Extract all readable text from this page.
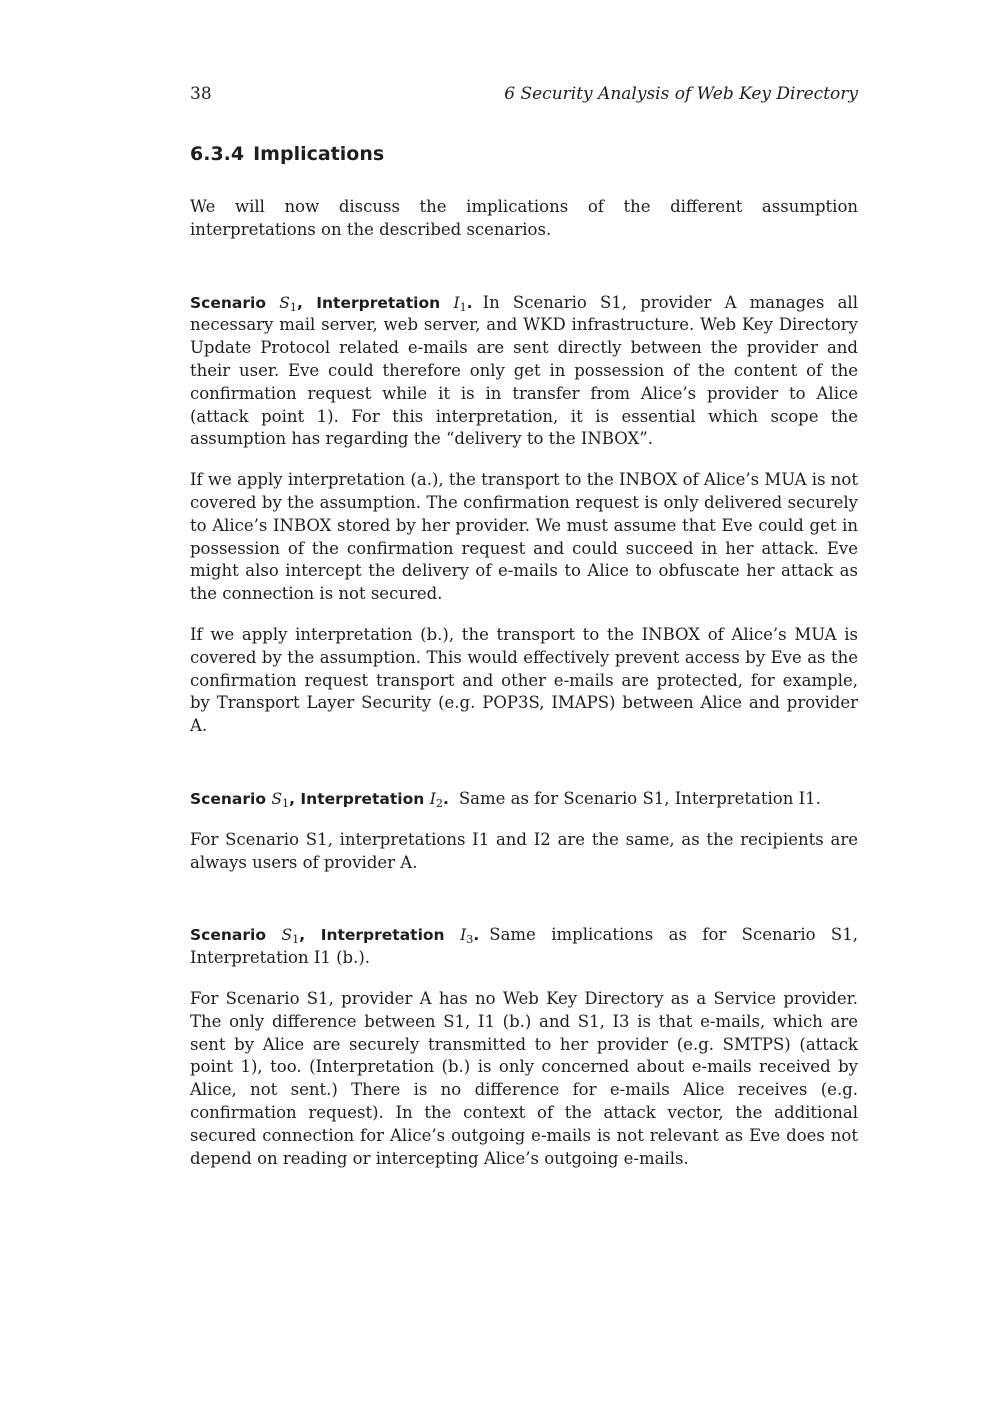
38	6 Security Analysis of Web Key Directory
6.3.4 Implications

We will now discuss the implications of the different assumption interpretations on the described scenarios.

Scenario $S_1$, Interpretation $I_1$. In Scenario S1, provider A manages all necessary mail server, web server, and WKD infrastructure. Web Key Directory Update Protocol related e-mails are sent directly between the provider and their user. Eve could therefore only get in possession of the content of the confirmation request while it is in transfer from Alice’s provider to Alice (attack point 1). For this interpretation, it is essential which scope the assumption has regarding the “delivery to the INBOX”.

If we apply interpretation (a.), the transport to the INBOX of Alice’s MUA is not covered by the assumption. The confirmation request is only delivered securely to Alice’s INBOX stored by her provider. We must assume that Eve could get in possession of the confirmation request and could succeed in her attack. Eve might also intercept the delivery of e-mails to Alice to obfuscate her attack as the connection is not secured.

If we apply interpretation (b.), the transport to the INBOX of Alice’s MUA is covered by the assumption. This would effectively prevent access by Eve as the confirmation request transport and other e-mails are protected, for example, by Transport Layer Security (e.g. POP3S, IMAPS) between Alice and provider A.

Scenario $S_1$, Interpretation $I_2$. Same as for Scenario S1, Interpretation I1.

For Scenario S1, interpretations I1 and I2 are the same, as the recipients are always users of provider A.

Scenario $S_1$, Interpretation $I_3$. Same implications as for Scenario S1, Interpretation I1 (b.).

For Scenario S1, provider A has no Web Key Directory as a Service provider. The only difference between S1, I1 (b.) and S1, I3 is that e-mails, which are sent by Alice are securely transmitted to her provider (e.g. SMTPS) (attack point 1), too. (Interpretation (b.) is only concerned about e-mails received by Alice, not sent.) There is no difference for e-mails Alice receives (e.g. confirmation request). In the context of the attack vector, the additional secured connection for Alice’s outgoing e-mails is not relevant as Eve does not depend on reading or intercepting Alice’s outgoing e-mails.
